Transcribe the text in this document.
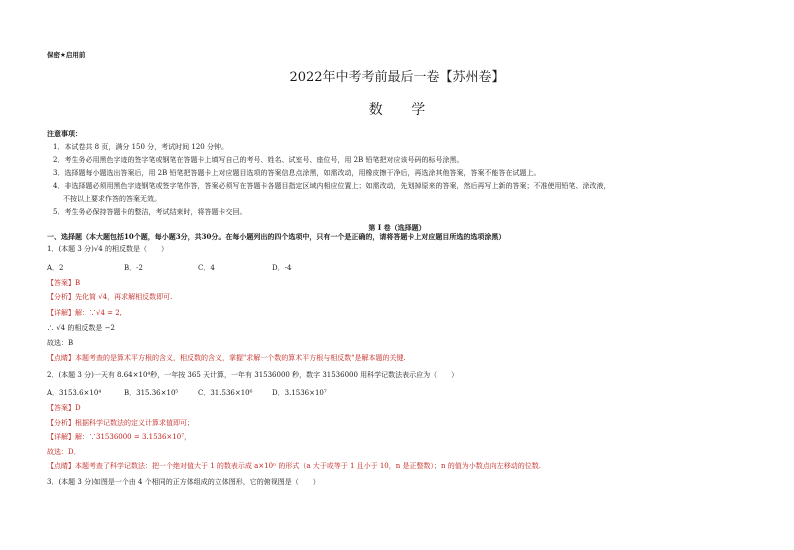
保密★启用前
2022年中考考前最后一卷【苏州卷】
数 学
注意事项：
1．本试卷共 8 页，满分 150 分，考试时间 120 分钟。
2．考生务必用黑色字迹的签字笔或钢笔在答题卡上填写自己的考号、姓名、试室号、座位号，用 2B 铅笔把对应该号码的标号涂黑。
3．选择题每小题选出答案后，用 2B 铅笔把答题卡上对应题目选项的答案信息点涂黑，如需改动，用橡皮擦干净后，再选涂其他答案，答案不能答在试题上。
4．非选择题必须用黑色字迹钢笔或签字笔作答，答案必须写在答题卡各题目指定区域内相应位置上；如需改动，先划掉原来的答案，然后再写上新的答案；不准使用铅笔、涂改液，
不按以上要求作答的答案无效。
5．考生务必保持答题卡的整洁，考试结束时，将答题卡交回。
第 I 卷（选择题）
一、选择题（本大题包括10个题，每小题3分，共30分。在每小题列出的四个选项中，只有一个是正确的，请将答题卡上对应题目所选的选项涂黑）
1．(本题 3 分)√4 的相反数是（　　）
A．2	B．-2	C．4	D．-4
【答案】B
【分析】先化简 √4，再求解相反数即可.
【详解】解：∵√4 = 2,
∴ √4 的相反数是 −2
故选：B
【点睛】本题考查的是算术平方根的含义，相反数的含义，掌握"求解一个数的算术平方根与相反数"是解本题的关键.
2．(本题 3 分)一天有 8.64×10⁴秒，一年按 365 天计算，一年有 31536000 秒，数字 31536000 用科学记数法表示应为（　　）
A．3153.6×10⁴	B．315.36×10⁵	C．31.536×10⁶	D．3.1536×10⁷
【答案】D
【分析】根据科学记数法的定义计算求值即可；
【详解】解：∵31536000 = 3.1536×10⁷，
故选：D．
【点睛】本题考查了科学记数法：把一个绝对值大于 1 的数表示成 a×10ⁿ 的形式（a 大于或等于 1 且小于 10，n 是正整数）；n 的值为小数点向左移动的位数.
3．(本题 3 分)如图是一个由 4 个相同的正方体组成的立体图形，它的俯视图是（　　）
